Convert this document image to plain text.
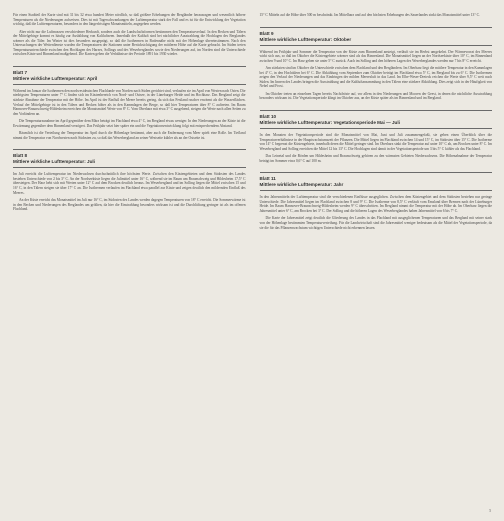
Für einen Stadtteil der Karte sind mit 31 bis 32 etwa hundert Meter nördlich, so daß größere Erhebungen der Bergländer herausragen und wesentlich höhere Temperaturen als die Niederungen aufweisen. Dies ist mit Tagesschwankungen der Lufttemperatur stark der Fall und es ist für die Entwicklung der Vegetation wichtig, daß die Lufttemperaturen, besonders in den längerfristigen Monatsmitteln, angegeben werden.

Aber nicht nur die Luftmassen verschiedener Herkunft, sondern auch die Landschaftsformen bestimmen den Temperaturverlauf. In den Becken und Tälern der Mittelgebirge kommt es häufig zur Ausbildung von Kaltluftseen. Innerhalb der Kaltluft sind bei nächtlicher Ausstrahlung die Hochlagen des Berglandes wärmer als die Täler. Im Winter ist dies besonders ausgeprägt, so daß die Isothermen in Bodennähe nicht mit der Höhenlage übereinstimmen. Nach den Untersuchungen der Wetterdienste wurden die Temperaturen der Stationen unter Berücksichtigung der mittleren Höhe auf die Karte gebracht. Im Süden treten Temperaturunterschiede zwischen den Hochlagen des Harzes, Sollings und des Weserberglandes sowie den Niederungen auf, im Norden sind die Unterschiede zwischen Küste und Binnenland maßgebend. Die Karten geben die Verhältnisse der Periode 1891 bis 1930 wieder.

Blatt 7
Mittlere wirkliche Lufttemperatur: April

Während im Januar die Isothermen den nordwestdeutschen Flachlande von Norden nach Süden gerichtet sind, verlaufen sie im April von Westen nach Osten. Die niedrigsten Temperaturen unter 7° C finden sich im Küstenbereich von Nord- und Ostsee, in der Lüneburger Heide und im Hochharz. Das Bergland zeigt die stärkste Abnahme der Temperatur mit der Höhe. Im April ist der Einfluß der Meere bereits gering, da sich das Festland rascher erwärmt als die Wasserflächen. Verlauf der Mittelgebirge ist in den Tälern und Becken höher als in den Kammlagen der Berge, so daß hier Temperaturen über 8° C auftreten. Im Raum Hannover-Braunschweig-Hildesheim erreichen die Monatsmittel Werte von 8° C. Vom Oberharz mit etwa 3° C ausgehend, steigen die Werte nach allen Seiten zu den Vorländern an.

Die Temperaturzunahme im April gegenüber dem März beträgt im Flachland etwa 4° C, im Bergland etwas weniger. In den Niederungen an der Küste ist die Erwärmung gegenüber dem Binnenland verzögert. Das Frühjahr setzt hier später ein und die Vegetationsentwicklung folgt mit entsprechendem Abstand.

Räumlich ist die Verteilung der Temperatur im April durch die Höhenlage bestimmt, aber auch die Entfernung vom Meer spielt eine Rolle. Im Tiefland nimmt die Temperatur von Nordwesten nach Südosten zu, so daß das Weserbergland an seiner Westseite kühler als an der Ostseite ist.

Blatt 8
Mittlere wirkliche Lufttemperatur: Juli

Im Juli erreicht die Lufttemperatur im Niedersachsen durchschnittlich ihre höchsten Werte. Zwischen den Küstengebieten und dem Südosten des Landes bestehen Unterschiede von 2 bis 3° C. An der Nordseeküste liegen die Julimittel unter 16° C, während sie im Raum um Braunschweig und Hildesheim 17,5° C übersteigen. Der Harz hebt sich mit Werten unter 12° C auf dem Brocken deutlich heraus. Im Weserbergland und im Solling liegen die Mittel zwischen 15 und 16° C, in den Tälern steigen sie über 17° C an. Die Isothermen verlaufen im Flachland etwa parallel zur Küste und zeigen deutlich den mildernden Einfluß des Meeres.

An der Küste erreicht das Monatsmittel im Juli nur 16° C, im Südosten des Landes werden dagegen Temperaturen von 18° C erreicht. Die Sommerwärme ist in den Becken und Niederungen des Berglandes am größten, da hier die Einstrahlung besonders wirksam ist und die Durchlüftung geringer ist als im offenen Flachland.

15° C Mitteln auf die Höhe über 500 m beschränkt. Im Mittelharz und auf den höchsten Erhebungen des Sauerlandes sinkt das Monatsmittel unter 13° C.

Blatt 9
Mittlere wirkliche Lufttemperatur: Oktober

Während im Frühjahr und Sommer die Temperatur von der Küste zum Binnenland ansteigt, verläuft sie im Herbst umgekehrt. Der Wärmevorrat des Meeres wirkt sich aus, so daß im Oktober die Küstengebiete wärmer sind als das Binnenland. Die Monatsmittel liegen an der Nordseeküste über 10° C, im Binnenland zwischen 9 und 10° C. Im Harz gehen sie unter 5° C zurück. Auch im Solling und den höheren Lagen des Weserberglandes werden nur 7 bis 8° C erreicht.

Am stärksten sind im Oktober die Unterschiede zwischen dem Flachland und den Bergländern. Im Oberharz liegt die mittlere Temperatur in den Kammlagen bei 4° C, in den Hochtälern bei 6° C. Die Abkühlung vom September zum Oktober beträgt im Flachland etwa 5° C, im Bergland bis zu 6° C. Die Isothermen zeigen den Verlauf der Niederungen und das Eindringen der milden Meeresluft in das Land. Im Elbe-Weser-Dreieck reichen die Werte über 9,5° C weit nach Süden. Im Innern des Landes bringen die Ausstrahlung und die Kaltluftansammlung in den Tälern eine stärkere Abkühlung. Dies zeigt sich in der Häufigkeit von Nebel und Frost.

Im Oktober treten an einzelnen Tagen bereits Nachtfröste auf, vor allem in den Niederungen und Mooren der Geest, in denen die nächtliche Ausstrahlung besonders wirksam ist. Die Vegetationsperiode klingt im Oktober aus, an der Küste später als im Binnenland und im Bergland.

Blatt 10
Mittlere wirkliche Lufttemperatur: Vegetationsperiode Mai — Juli

In den Monaten der Vegetationsperiode sind die Monatsmittel von Mai, Juni und Juli zusammengefaßt, sie geben einen Überblick über die Temperaturverhältnisse in der Hauptwachstumszeit der Pflanzen. Die Mittel liegen im Flachland zwischen 14 und 15° C, im Südosten über 15° C. Die Isotherme von 14° C begrenzt die Küstengebiete, innerhalb deren die Mittel geringer sind. Im Oberharz sinkt die Temperatur auf unter 10° C ab, am Brocken unter 8° C. Im Weserbergland und Solling erreichen die Mittel 12 bis 13° C. Die Hochlagen sind damit in der Vegetationsperiode um 3 bis 5° C kühler als das Flachland.

Das Leinetal und die Börden um Hildesheim und Braunschweig gehören zu den wärmsten Gebieten Niedersachsens. Die Höhenabnahme der Temperatur beträgt im Sommer etwa 0,6° C auf 100 m.

Blatt 11
Mittlere wirkliche Lufttemperatur: Jahr

In den Jahresmitteln der Lufttemperatur sind die verschiedenen Einflüsse ausgeglichen. Zwischen dem Küstengebiet und dem Südosten bestehen nur geringe Unterschiede. Die Jahresmittel liegen im Flachland zwischen 8 und 9° C. Die Isotherme von 8,5° C verläuft vom Emsland über Bremen nach der Lüneburger Heide. Im Raum Hannover-Braunschweig-Hildesheim werden 9° C überschritten. Im Bergland nimmt die Temperatur mit der Höhe ab. Im Oberharz liegen die Jahresmittel unter 6° C, am Brocken bei 3° C. Der Solling und die höheren Lagen des Weserberglandes haben Jahresmittel von 6 bis 7° C.

Die Karte der Jahresmittel zeigt deutlich die Gliederung des Landes in das Flachland mit ausgeglichenen Temperaturen und das Bergland mit seiner stark von der Höhenlage bestimmten Temperaturverteilung. Für die Landwirtschaft sind die Jahresmittel weniger bedeutsam als die Mittel der Vegetationsperiode, da sie die für das Pflanzenwachstum wichtigen Unterschiede nicht erkennen lassen.

5
